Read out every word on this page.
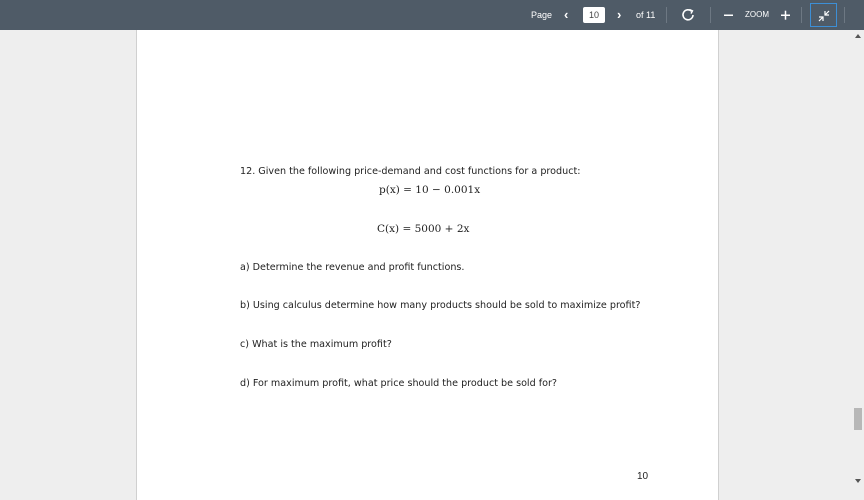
Page ‹
10	› of 11	ZOOM
12. Given the following price-demand and cost functions for a product:
p(x) = 10 − 0.001x
C(x) = 5000 + 2x
a) Determine the revenue and profit functions.
b) Using calculus determine how many products should be sold to maximize profit?
c) What is the maximum profit?
d) For maximum profit, what price should the product be sold for?
10
